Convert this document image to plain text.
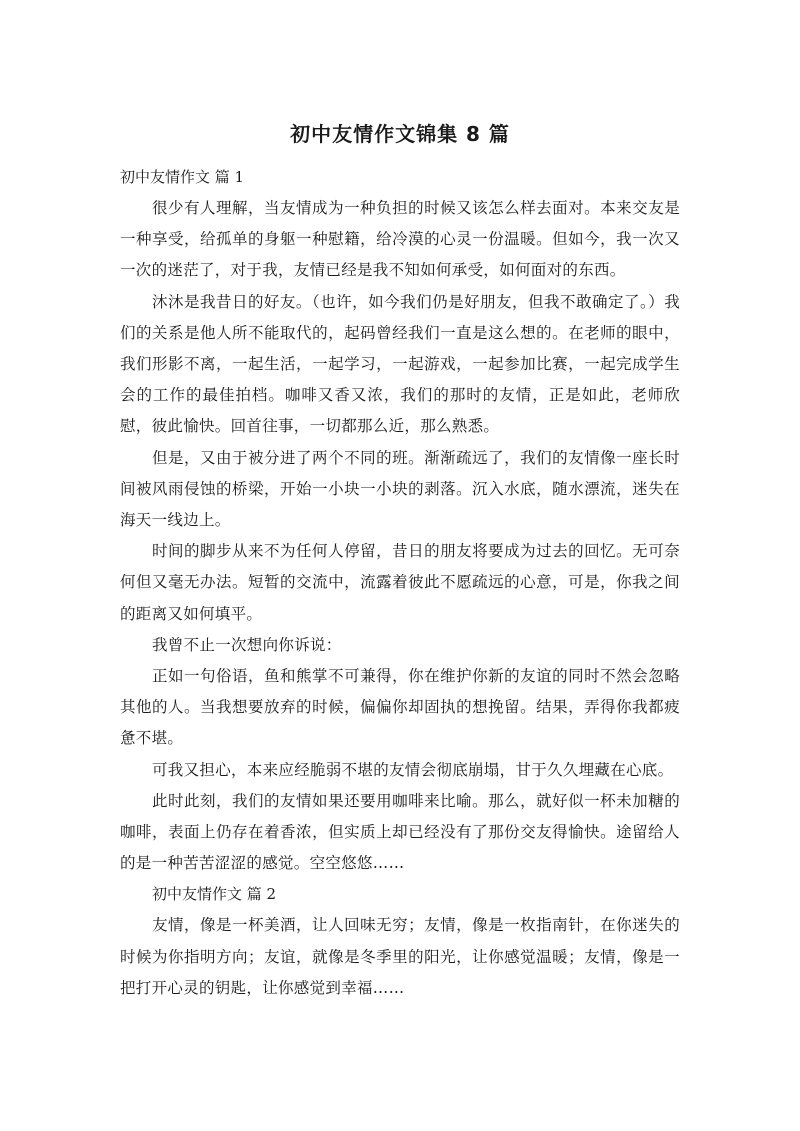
初中友情作文锦集 8 篇

初中友情作文 篇 1

很少有人理解，当友情成为一种负担的时候又该怎么样去面对。本来交友是一种享受，给孤单的身躯一种慰籍，给冷漠的心灵一份温暖。但如今，我一次又一次的迷茫了，对于我，友情已经是我不知如何承受，如何面对的东西。

沐沐是我昔日的好友。（也许，如今我们仍是好朋友，但我不敢确定了。）我们的关系是他人所不能取代的，起码曾经我们一直是这么想的。在老师的眼中，我们形影不离，一起生活，一起学习，一起游戏，一起参加比赛，一起完成学生会的工作的最佳拍档。咖啡又香又浓，我们的那时的友情，正是如此，老师欣慰，彼此愉快。回首往事，一切都那么近，那么熟悉。

但是，又由于被分进了两个不同的班。渐渐疏远了，我们的友情像一座长时间被风雨侵蚀的桥梁，开始一小块一小块的剥落。沉入水底，随水漂流，迷失在海天一线边上。

时间的脚步从来不为任何人停留，昔日的朋友将要成为过去的回忆。无可奈何但又毫无办法。短暂的交流中，流露着彼此不愿疏远的心意，可是，你我之间的距离又如何填平。

我曾不止一次想向你诉说：

正如一句俗语，鱼和熊掌不可兼得，你在维护你新的友谊的同时不然会忽略其他的人。当我想要放弃的时候，偏偏你却固执的想挽留。结果，弄得你我都疲惫不堪。

可我又担心，本来应经脆弱不堪的友情会彻底崩塌，甘于久久埋藏在心底。

此时此刻，我们的友情如果还要用咖啡来比喻。那么，就好似一杯未加糖的咖啡，表面上仍存在着香浓，但实质上却已经没有了那份交友得愉快。途留给人的是一种苦苦涩涩的感觉。空空悠悠……

初中友情作文 篇 2

友情，像是一杯美酒，让人回味无穷；友情，像是一枚指南针，在你迷失的时候为你指明方向；友谊，就像是冬季里的阳光，让你感觉温暖；友情，像是一把打开心灵的钥匙，让你感觉到幸福……
